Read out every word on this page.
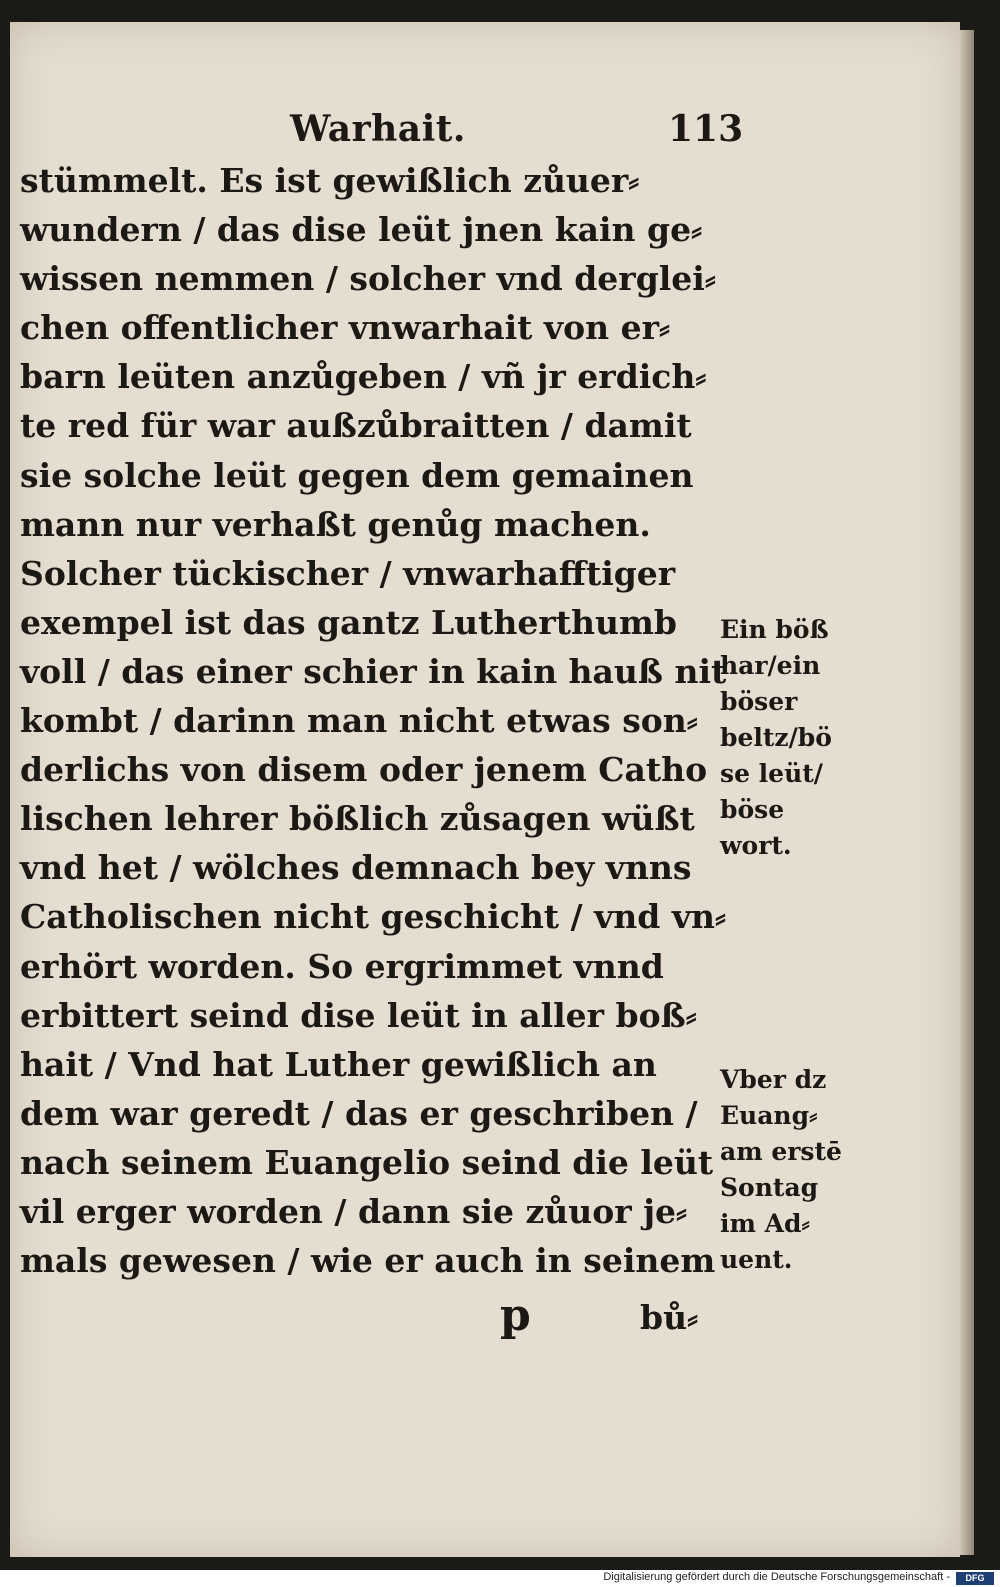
Warhait.	113
stümmelt. Es ist gewißlich zůuer⸗
wundern / das dise leüt jnen kain ge⸗
wissen nemmen / solcher vnd derglei⸗
chen offentlicher vnwarhait von er⸗
barn leüten anzůgeben / vñ jr erdich⸗
te red für war außzůbraitten / damit
sie solche leüt gegen dem gemainen
mann nur verhaßt genůg machen.
Solcher tückischer / vnwarhafftiger
exempel ist das gantz Lutherthumb
voll / das einer schier in kain hauß nit
kombt / darinn man nicht etwas son⸗
derlichs von disem oder jenem Catho
lischen lehrer bößlich zůsagen wüßt
vnd het / wölches demnach bey vnns
Catholischen nicht geschicht / vnd vn⸗
erhört worden. So ergrimmet vnnd
erbittert seind dise leüt in aller boß⸗
hait / Vnd hat Luther gewißlich an
dem war geredt / das er geschriben /
nach seinem Euangelio seind die leüt
vil erger worden / dann sie zůuor je⸗
mals gewesen / wie er auch in seinem
Ein böß
har/ein
böser
beltz/bö
se leüt/
böse
wort.
Vber dz
Euang⸗
am erstē
Sontag
im Ad⸗
uent.
p	bů⸗
Digitalisierung gefördert durch die Deutsche Forschungsgemeinschaft -	DFG
